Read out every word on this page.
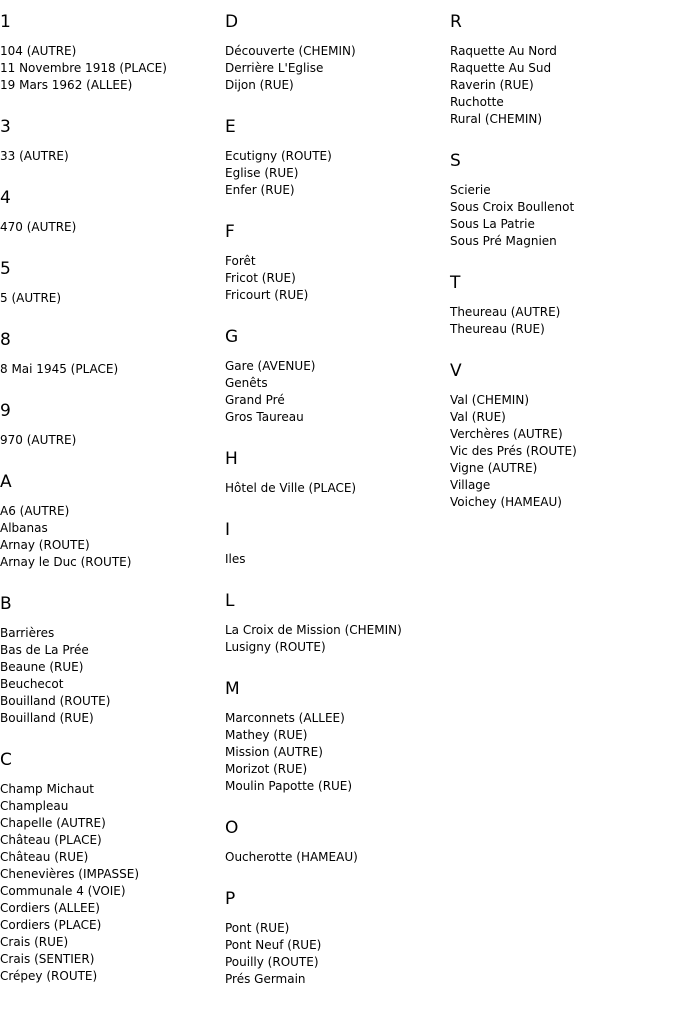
1
104 (AUTRE)
11 Novembre 1918 (PLACE)
19 Mars 1962 (ALLEE)
3
33 (AUTRE)
4
470 (AUTRE)
5
5 (AUTRE)
8
8 Mai 1945 (PLACE)
9
970 (AUTRE)
A
A6 (AUTRE)
Albanas
Arnay (ROUTE)
Arnay le Duc (ROUTE)
B
Barrières
Bas de La Prée
Beaune (RUE)
Beuchecot
Bouilland (ROUTE)
Bouilland (RUE)
C
Champ Michaut
Champleau
Chapelle (AUTRE)
Château (PLACE)
Château (RUE)
Chenevières (IMPASSE)
Communale 4 (VOIE)
Cordiers (ALLEE)
Cordiers (PLACE)
Crais (RUE)
Crais (SENTIER)
Crépey (ROUTE)
D
Découverte (CHEMIN)
Derrière L'Eglise
Dijon (RUE)
E
Ecutigny (ROUTE)
Eglise (RUE)
Enfer (RUE)
F
Forêt
Fricot (RUE)
Fricourt (RUE)
G
Gare (AVENUE)
Genêts
Grand Pré
Gros Taureau
H
Hôtel de Ville (PLACE)
I
Iles
L
La Croix de Mission (CHEMIN)
Lusigny (ROUTE)
M
Marconnets (ALLEE)
Mathey (RUE)
Mission (AUTRE)
Morizot (RUE)
Moulin Papotte (RUE)
O
Oucherotte (HAMEAU)
P
Pont (RUE)
Pont Neuf (RUE)
Pouilly (ROUTE)
Prés Germain
R
Raquette Au Nord
Raquette Au Sud
Raverin (RUE)
Ruchotte
Rural (CHEMIN)
S
Scierie
Sous Croix Boullenot
Sous La Patrie
Sous Pré Magnien
T
Theureau (AUTRE)
Theureau (RUE)
V
Val (CHEMIN)
Val (RUE)
Verchères (AUTRE)
Vic des Prés (ROUTE)
Vigne (AUTRE)
Village
Voichey (HAMEAU)
